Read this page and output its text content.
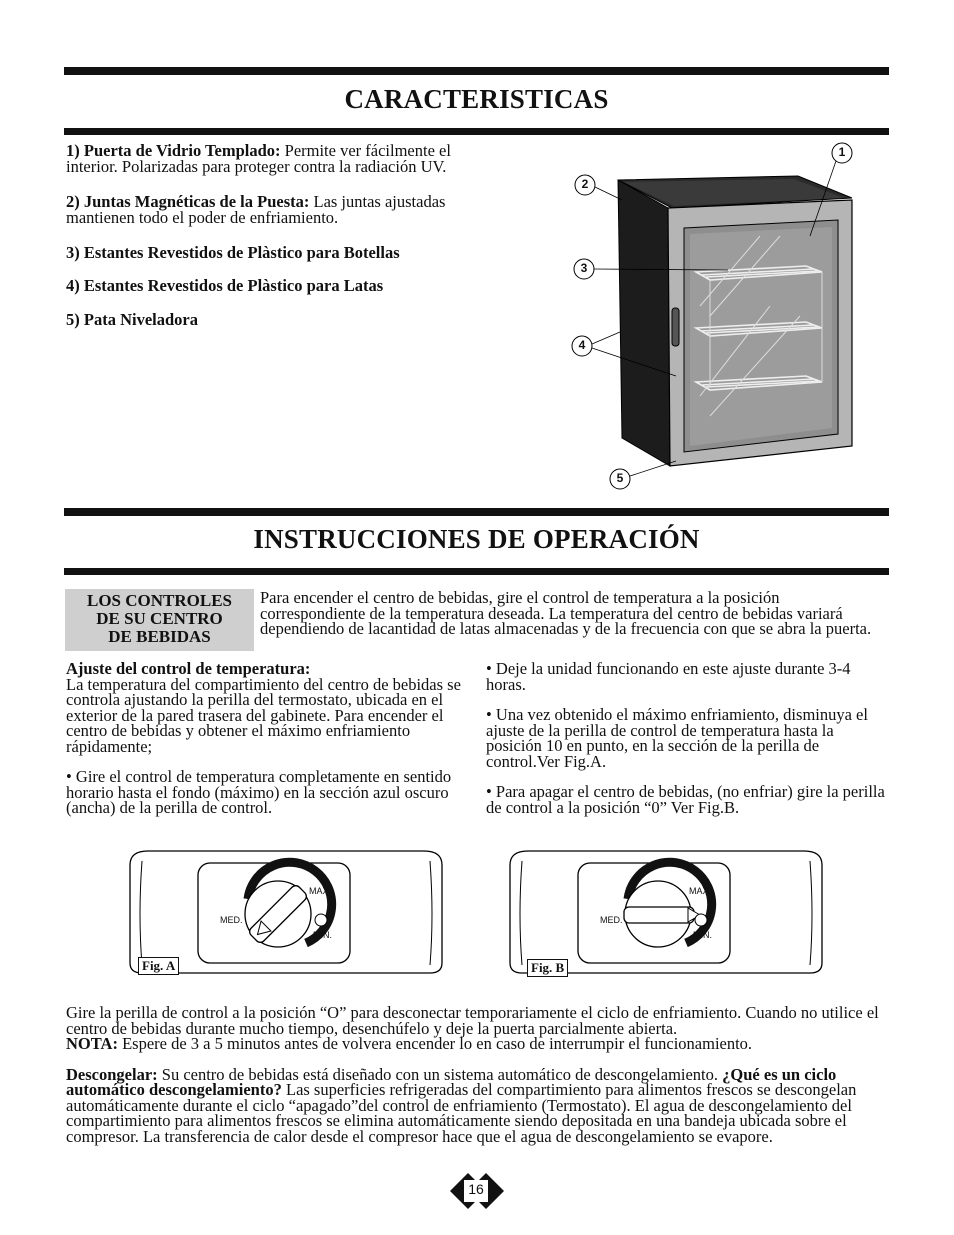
CARACTERISTICAS
1) Puerta de Vidrio Templado: Permite ver fácilmente el interior. Polarizadas para proteger contra la radiación UV.
2) Juntas Magnéticas de la Puesta: Las juntas ajustadas mantienen todo el poder de enfriamiento.
3) Estantes Revestidos de Plàstico para Botellas
4) Estantes Revestidos de Plàstico para Latas
5) Pata Niveladora
1
2
3
4
5
INSTRUCCIONES DE OPERACIÓN
LOS CONTROLES
DE SU CENTRO
DE BEBIDAS
Para encender el centro de bebidas, gire el control de temperatura a la posición correspondiente de la temperatura deseada. La temperatura del centro de bebidas variará dependiendo de lacantidad de latas almacenadas y de la frecuencia con que se abra la puerta.

Ajuste del control de temperatura:

La temperatura del compartimiento del centro de bebidas se controla ajustando la perilla del termostato, ubicada en el exterior de la pared trasera del gabinete. Para encender el centro de bebidas y obtener el máximo enfriamiento rápidamente;

• Gire el control de temperatura completamente en sentido horario hasta el fondo (máximo) en la sección azul oscuro (ancha) de la perilla de control.

• Deje la unidad funcionando en este ajuste durante 3-4 horas.

• Una vez obtenido el máximo enfriamiento, disminuya el ajuste de la perilla de control de temperatura hasta la posición 10 en punto, en la sección de la perilla de control.Ver Fig.A.

• Para apagar el centro de bebidas, (no enfriar) gire la perilla de control a la posición “0” Ver Fig.B.

MAX.
MED.
MIN.
Fig. A
MAX.
MED.
MIN.
Fig. B

Gire la perilla de control a la posición “O” para desconectar temporariamente el ciclo de enfriamiento. Cuando no utilice el centro de bebidas durante mucho tiempo, desenchúfelo y deje la puerta parcialmente abierta.

NOTA: Espere de 3 a 5 minutos antes de volvera encender lo en caso de interrumpir el funcionamiento.

Descongelar: Su centro de bebidas está diseñado con un sistema automático de descongelamiento. ¿Qué es un ciclo automático descongelamiento? Las superficies refrigeradas del compartimiento para alimentos frescos se descongelan automáticamente durante el ciclo “apagado”del control de enfriamiento (Termostato). El agua de descongelamiento del compartimiento para alimentos frescos se elimina automáticamente siendo depositada en una bandeja ubicada sobre el compresor. La transferencia de calor desde el compresor hace que el agua de descongelamiento se evapore.

16
